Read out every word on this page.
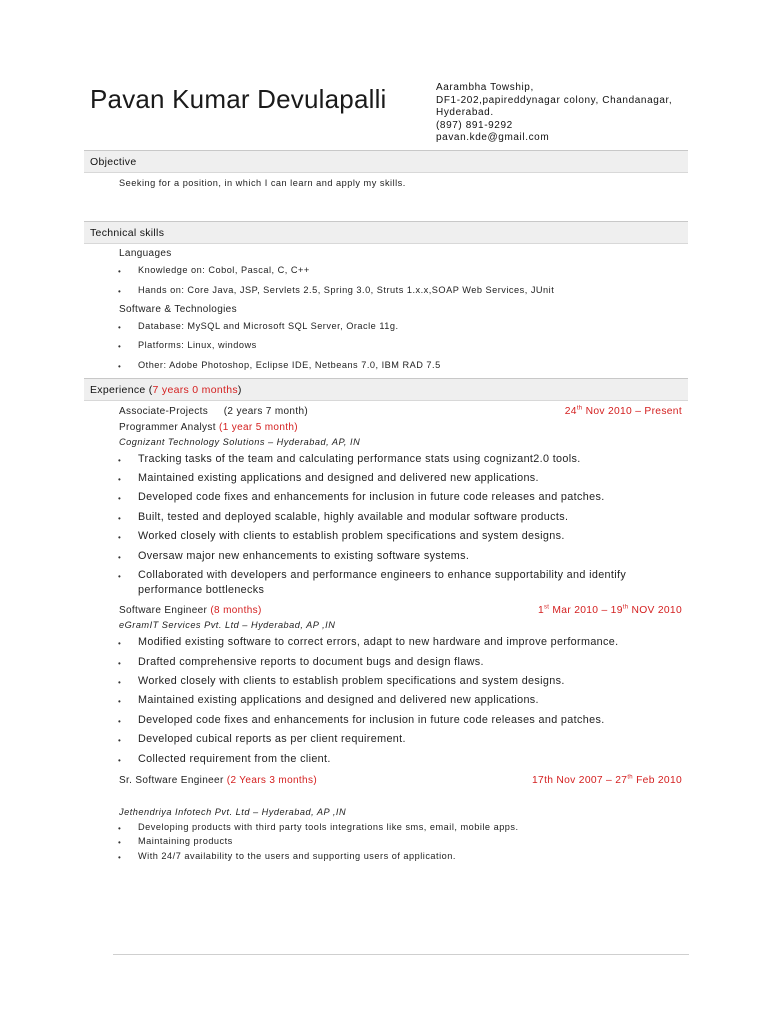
Pavan Kumar Devulapalli	Aarambha Towship,
DF1-202,papireddynagar colony, Chandanagar,
Hyderabad.
(897) 891-9292
pavan.kde@gmail.com
Objective
Seeking for a position, in which I can learn and apply my skills.
Technical skills
Languages
• Knowledge on: Cobol, Pascal, C, C++
• Hands on: Core Java, JSP, Servlets 2.5, Spring 3.0, Struts 1.x.x,SOAP Web Services, JUnit
Software & Technologies
• Database: MySQL and Microsoft SQL Server, Oracle 11g.
• Platforms: Linux, windows
• Other: Adobe Photoshop, Eclipse IDE, Netbeans 7.0, IBM RAD 7.5
Experience (7 years 0 months)
Associate-Projects     (2 years 7 month)	24th Nov 2010 – Present
Programmer Analyst (1 year 5 month)
Cognizant Technology Solutions – Hyderabad, AP, IN
• Tracking tasks of the team and calculating performance stats using cognizant2.0 tools.
• Maintained existing applications and designed and delivered new applications.
• Developed code fixes and enhancements for inclusion in future code releases and patches.
• Built, tested and deployed scalable, highly available and modular software products.
• Worked closely with clients to establish problem specifications and system designs.
• Oversaw major new enhancements to existing software systems.
• Collaborated with developers and performance engineers to enhance supportability and identify
performance bottlenecks
Software Engineer (8 months)	1st Mar 2010 – 19th NOV 2010
eGramIT Services Pvt. Ltd – Hyderabad, AP ,IN
• Modified existing software to correct errors, adapt to new hardware and improve performance.
• Drafted comprehensive reports to document bugs and design flaws.
• Worked closely with clients to establish problem specifications and system designs.
• Maintained existing applications and designed and delivered new applications.
• Developed code fixes and enhancements for inclusion in future code releases and patches.
• Developed cubical reports as per client requirement.
• Collected requirement from the client.
Sr. Software Engineer (2 Years 3 months)	17th Nov 2007 – 27th Feb 2010
Jethendriya Infotech Pvt. Ltd – Hyderabad, AP ,IN
• Developing products with third party tools integrations like sms, email, mobile apps.
• Maintaining products
• With 24/7 availability to the users and supporting users of application.
